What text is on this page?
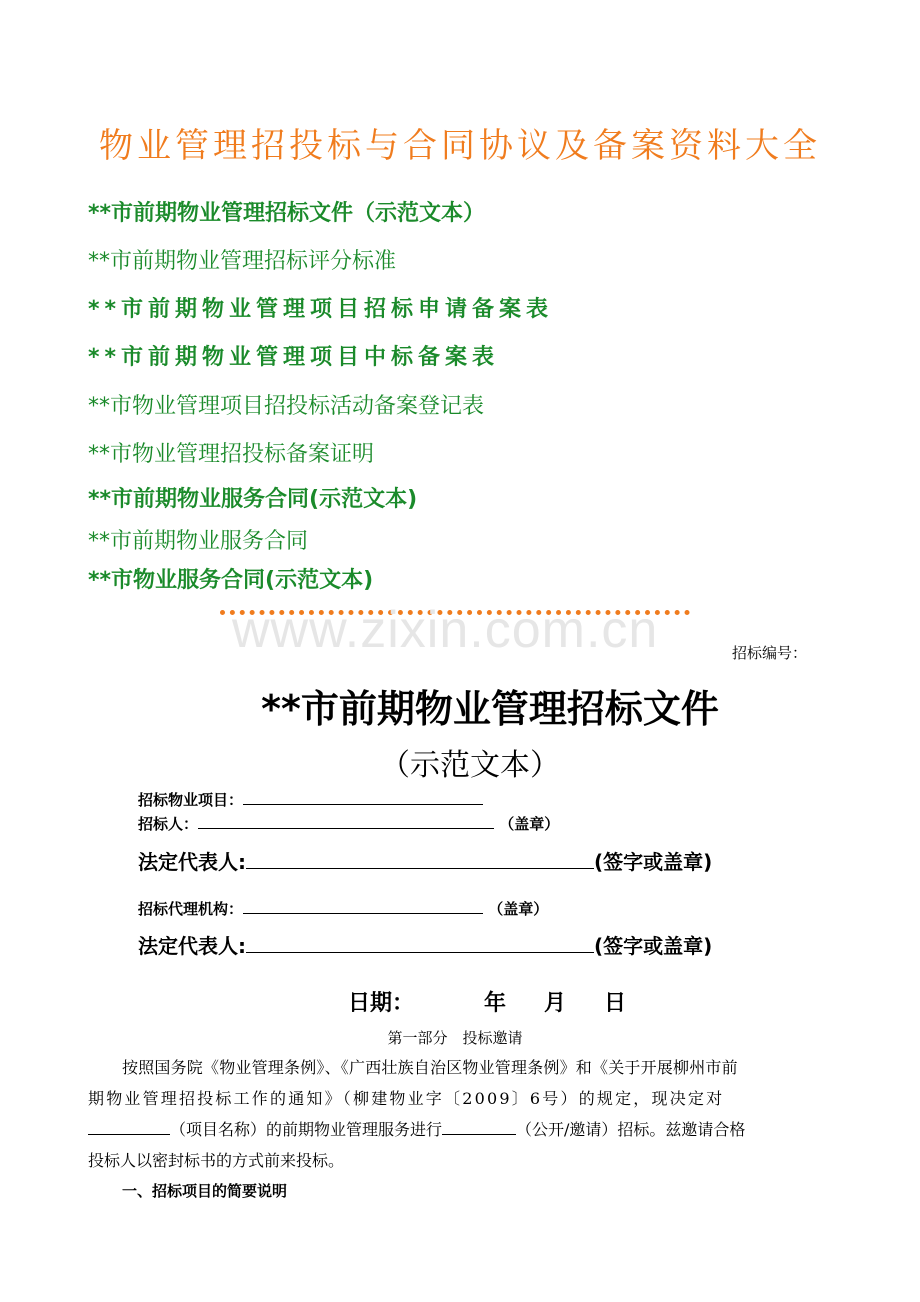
物业管理招投标与合同协议及备案资料大全
**市前期物业管理招标文件（示范文本）
**市前期物业管理招标评分标准
**市前期物业管理项目招标申请备案表
**市前期物业管理项目中标备案表
**市物业管理项目招投标活动备案登记表
**市物业管理招投标备案证明
**市前期物业服务合同(示范文本)
**市前期物业服务合同
**市物业服务合同(示范文本)
www.zixin.com.cn	招标编号：
**市前期物业管理招标文件
（示范文本）
招标物业项目：
招标人：	（盖章）
法定代表人:	(签字或盖章)
招标代理机构：	（盖章）
法定代表人:	(签字或盖章)
日期：	年 月 日
第一部分　投标邀请

按照国务院《物业管理条例》、《广西壮族自治区物业管理条例》和《关于开展柳州市前

期物业管理招投标工作的通知》（柳建物业字〔2009〕6号）的规定，现决定对

（项目名称）的前期物业管理服务进行	（公开/邀请）招标。兹邀请合格

投标人以密封标书的方式前来投标。

一、招标项目的简要说明
